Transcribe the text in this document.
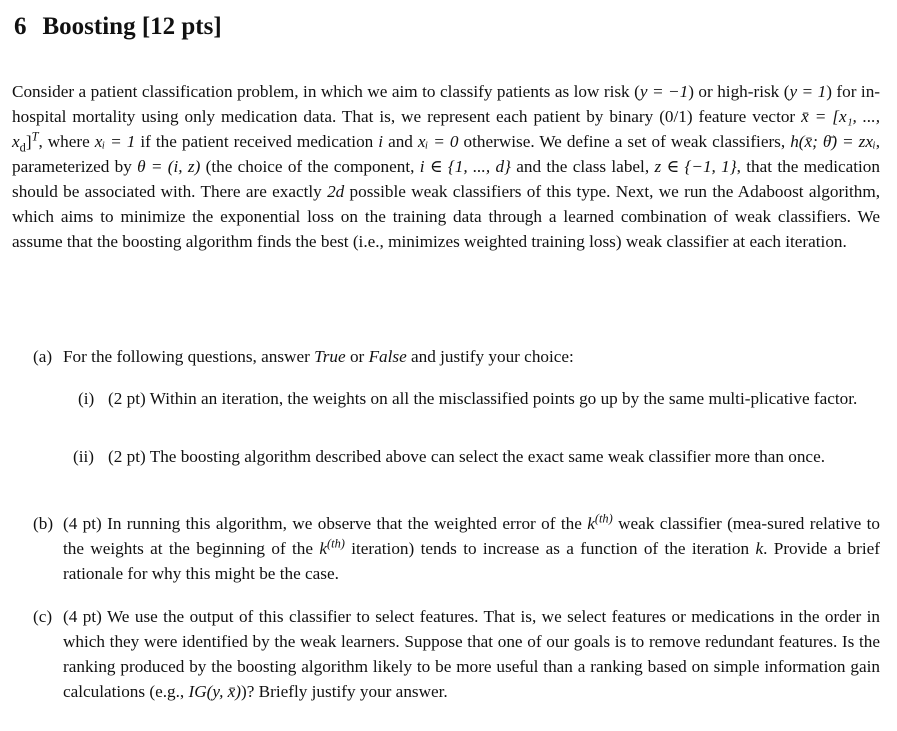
6 Boosting [12 pts]

Consider a patient classification problem, in which we aim to classify patients as low risk (y = −1) or high-risk (y = 1) for in-hospital mortality using only medication data. That is, we represent each patient by binary (0/1) feature vector x̄ = [x₁, ..., $x_d]^T$, where xᵢ = 1 if the patient received medication i and xᵢ = 0 otherwise. We define a set of weak classifiers, h(x̄; θ̄) = zxᵢ, parameterized by θ = (i, z) (the choice of the component, i ∈ {1, ..., d} and the class label, z ∈ {−1, 1}, that the medication should be associated with. There are exactly 2d possible weak classifiers of this type. Next, we run the Adaboost algorithm, which aims to minimize the exponential loss on the training data through a learned combination of weak classifiers. We assume that the boosting algorithm finds the best (i.e., minimizes weighted training loss) weak classifier at each iteration.

(a) For the following questions, answer True or False and justify your choice:
(i) (2 pt) Within an iteration, the weights on all the misclassified points go up by the same multi-plicative factor.
(ii) (2 pt) The boosting algorithm described above can select the exact same weak classifier more than once.
(b) (4 pt) In running this algorithm, we observe that the weighted error of the $k^{(th)}$ weak classifier (mea-sured relative to the weights at the beginning of the $k^{(th)}$ iteration) tends to increase as a function of the iteration k. Provide a brief rationale for why this might be the case.
(c) (4 pt) We use the output of this classifier to select features. That is, we select features or medications in the order in which they were identified by the weak learners. Suppose that one of our goals is to remove redundant features. Is the ranking produced by the boosting algorithm likely to be more useful than a ranking based on simple information gain calculations (e.g., IG(y, x̄))? Briefly justify your answer.
